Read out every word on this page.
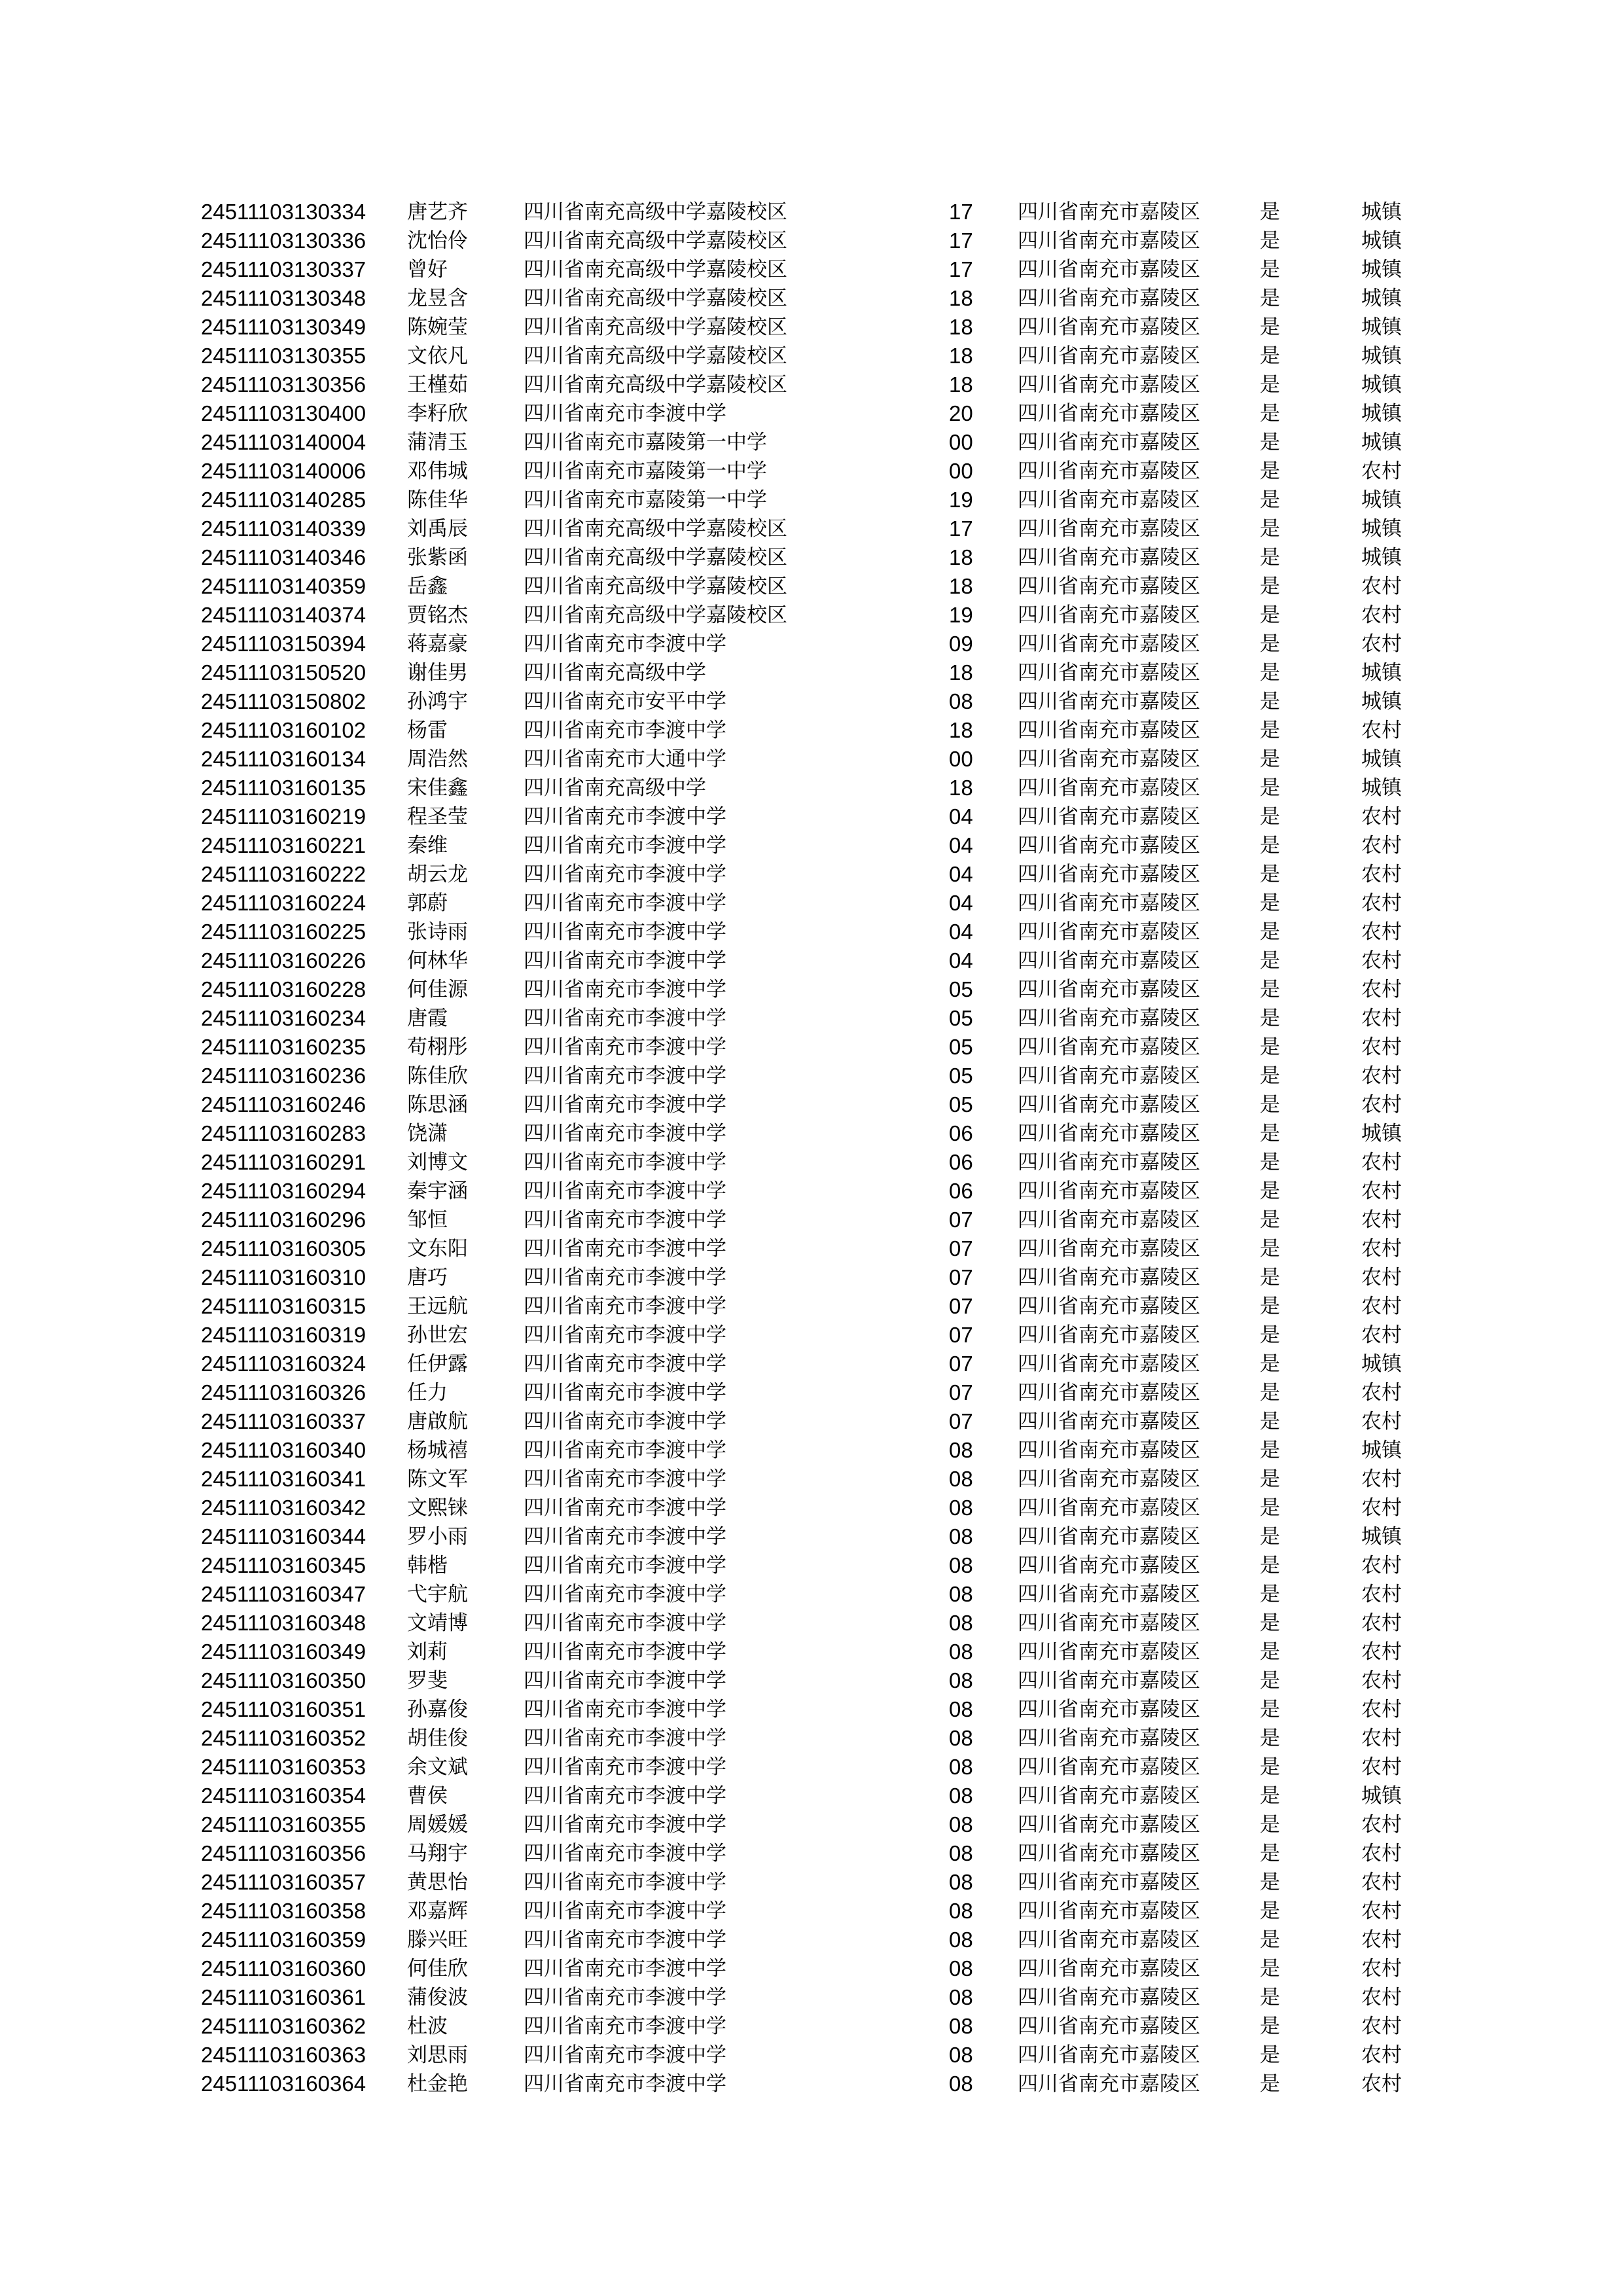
24511103130334 唐艺齐	四川省南充高级中学嘉陵校区	17 四川省南充市嘉陵区	是	城镇
24511103130336 沈怡伶	四川省南充高级中学嘉陵校区	17 四川省南充市嘉陵区	是	城镇
24511103130337 曾好	四川省南充高级中学嘉陵校区	17 四川省南充市嘉陵区	是	城镇
24511103130348 龙昱含	四川省南充高级中学嘉陵校区	18 四川省南充市嘉陵区	是	城镇
24511103130349 陈婉莹	四川省南充高级中学嘉陵校区	18 四川省南充市嘉陵区	是	城镇
24511103130355 文依凡	四川省南充高级中学嘉陵校区	18 四川省南充市嘉陵区	是	城镇
24511103130356 王槿茹	四川省南充高级中学嘉陵校区	18 四川省南充市嘉陵区	是	城镇
24511103130400 李籽欣	四川省南充市李渡中学	20 四川省南充市嘉陵区	是	城镇
24511103140004 蒲清玉	四川省南充市嘉陵第一中学	00 四川省南充市嘉陵区	是	城镇
24511103140006 邓伟城	四川省南充市嘉陵第一中学	00 四川省南充市嘉陵区	是	农村
24511103140285 陈佳华	四川省南充市嘉陵第一中学	19 四川省南充市嘉陵区	是	城镇
24511103140339 刘禹辰	四川省南充高级中学嘉陵校区	17 四川省南充市嘉陵区	是	城镇
24511103140346 张紫函	四川省南充高级中学嘉陵校区	18 四川省南充市嘉陵区	是	城镇
24511103140359 岳鑫	四川省南充高级中学嘉陵校区	18 四川省南充市嘉陵区	是	农村
24511103140374 贾铭杰	四川省南充高级中学嘉陵校区	19 四川省南充市嘉陵区	是	农村
24511103150394 蒋嘉豪	四川省南充市李渡中学	09 四川省南充市嘉陵区	是	农村
24511103150520 谢佳男	四川省南充高级中学	18 四川省南充市嘉陵区	是	城镇
24511103150802 孙鸿宇	四川省南充市安平中学	08 四川省南充市嘉陵区	是	城镇
24511103160102 杨雷	四川省南充市李渡中学	18 四川省南充市嘉陵区	是	农村
24511103160134 周浩然	四川省南充市大通中学	00 四川省南充市嘉陵区	是	城镇
24511103160135 宋佳鑫	四川省南充高级中学	18 四川省南充市嘉陵区	是	城镇
24511103160219 程圣莹	四川省南充市李渡中学	04 四川省南充市嘉陵区	是	农村
24511103160221 秦维	四川省南充市李渡中学	04 四川省南充市嘉陵区	是	农村
24511103160222 胡云龙	四川省南充市李渡中学	04 四川省南充市嘉陵区	是	农村
24511103160224 郭蔚	四川省南充市李渡中学	04 四川省南充市嘉陵区	是	农村
24511103160225 张诗雨	四川省南充市李渡中学	04 四川省南充市嘉陵区	是	农村
24511103160226 何林华	四川省南充市李渡中学	04 四川省南充市嘉陵区	是	农村
24511103160228 何佳源	四川省南充市李渡中学	05 四川省南充市嘉陵区	是	农村
24511103160234 唐霞	四川省南充市李渡中学	05 四川省南充市嘉陵区	是	农村
24511103160235 苟栩彤	四川省南充市李渡中学	05 四川省南充市嘉陵区	是	农村
24511103160236 陈佳欣	四川省南充市李渡中学	05 四川省南充市嘉陵区	是	农村
24511103160246 陈思涵	四川省南充市李渡中学	05 四川省南充市嘉陵区	是	农村
24511103160283 饶潇	四川省南充市李渡中学	06 四川省南充市嘉陵区	是	城镇
24511103160291 刘博文	四川省南充市李渡中学	06 四川省南充市嘉陵区	是	农村
24511103160294 秦宇涵	四川省南充市李渡中学	06 四川省南充市嘉陵区	是	农村
24511103160296 邹恒	四川省南充市李渡中学	07 四川省南充市嘉陵区	是	农村
24511103160305 文东阳	四川省南充市李渡中学	07 四川省南充市嘉陵区	是	农村
24511103160310 唐巧	四川省南充市李渡中学	07 四川省南充市嘉陵区	是	农村
24511103160315 王远航	四川省南充市李渡中学	07 四川省南充市嘉陵区	是	农村
24511103160319 孙世宏	四川省南充市李渡中学	07 四川省南充市嘉陵区	是	农村
24511103160324 任伊露	四川省南充市李渡中学	07 四川省南充市嘉陵区	是	城镇
24511103160326 任力	四川省南充市李渡中学	07 四川省南充市嘉陵区	是	农村
24511103160337 唐啟航	四川省南充市李渡中学	07 四川省南充市嘉陵区	是	农村
24511103160340 杨城禧	四川省南充市李渡中学	08 四川省南充市嘉陵区	是	城镇
24511103160341 陈文军	四川省南充市李渡中学	08 四川省南充市嘉陵区	是	农村
24511103160342 文熙铼	四川省南充市李渡中学	08 四川省南充市嘉陵区	是	农村
24511103160344 罗小雨	四川省南充市李渡中学	08 四川省南充市嘉陵区	是	城镇
24511103160345 韩楷	四川省南充市李渡中学	08 四川省南充市嘉陵区	是	农村
24511103160347 弋宇航	四川省南充市李渡中学	08 四川省南充市嘉陵区	是	农村
24511103160348 文靖博	四川省南充市李渡中学	08 四川省南充市嘉陵区	是	农村
24511103160349 刘莉	四川省南充市李渡中学	08 四川省南充市嘉陵区	是	农村
24511103160350 罗斐	四川省南充市李渡中学	08 四川省南充市嘉陵区	是	农村
24511103160351 孙嘉俊	四川省南充市李渡中学	08 四川省南充市嘉陵区	是	农村
24511103160352 胡佳俊	四川省南充市李渡中学	08 四川省南充市嘉陵区	是	农村
24511103160353 余文斌	四川省南充市李渡中学	08 四川省南充市嘉陵区	是	农村
24511103160354 曹侯	四川省南充市李渡中学	08 四川省南充市嘉陵区	是	城镇
24511103160355 周媛媛	四川省南充市李渡中学	08 四川省南充市嘉陵区	是	农村
24511103160356 马翔宇	四川省南充市李渡中学	08 四川省南充市嘉陵区	是	农村
24511103160357 黄思怡	四川省南充市李渡中学	08 四川省南充市嘉陵区	是	农村
24511103160358 邓嘉辉	四川省南充市李渡中学	08 四川省南充市嘉陵区	是	农村
24511103160359 滕兴旺	四川省南充市李渡中学	08 四川省南充市嘉陵区	是	农村
24511103160360 何佳欣	四川省南充市李渡中学	08 四川省南充市嘉陵区	是	农村
24511103160361 蒲俊波	四川省南充市李渡中学	08 四川省南充市嘉陵区	是	农村
24511103160362 杜波	四川省南充市李渡中学	08 四川省南充市嘉陵区	是	农村
24511103160363 刘思雨	四川省南充市李渡中学	08 四川省南充市嘉陵区	是	农村
24511103160364 杜金艳	四川省南充市李渡中学	08 四川省南充市嘉陵区	是	农村
